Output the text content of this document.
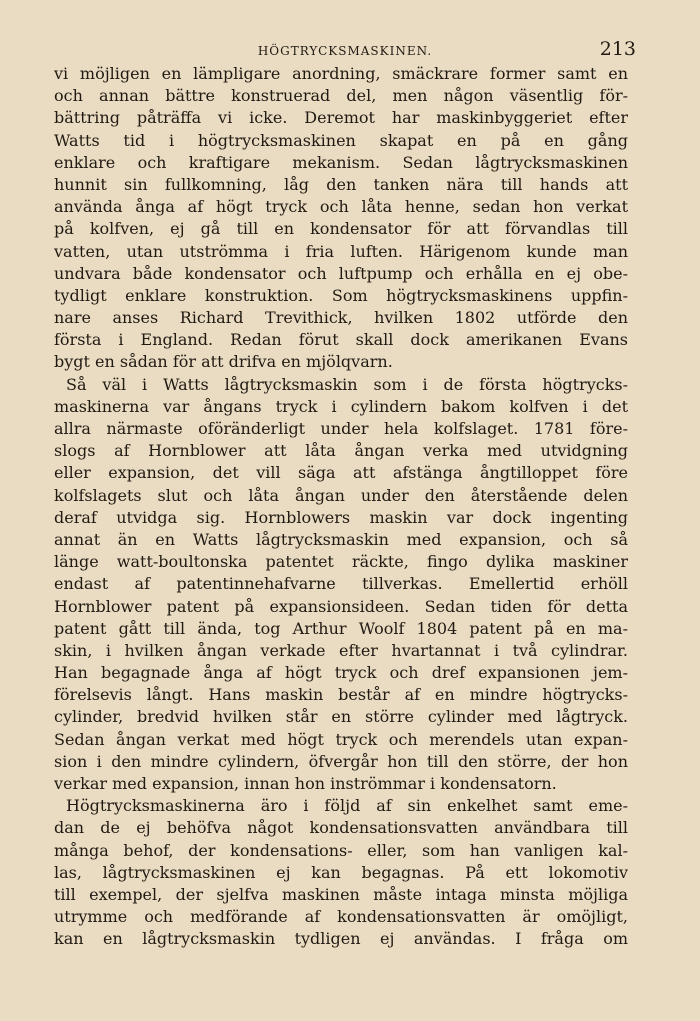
HÖGTRYCKSMASKINEN.	213
vi möjligen en lämpligare anordning, smäckrare former samt en
och annan bättre konstruerad del, men någon väsentlig för-
bättring påträffa vi icke. Deremot har maskinbyggeriet efter
Watts tid i högtrycksmaskinen skapat en på en gång
enklare och kraftigare mekanism. Sedan lågtrycksmaskinen
hunnit sin fullkomning, låg den tanken nära till hands att
använda ånga af högt tryck och låta henne, sedan hon verkat
på kolfven, ej gå till en kondensator för att förvandlas till
vatten, utan utströmma i fria luften. Härigenom kunde man
undvara både kondensator och luftpump och erhålla en ej obe-
tydligt enklare konstruktion. Som högtrycksmaskinens uppfin-
nare anses Richard Trevithick, hvilken 1802 utförde den
första i England. Redan förut skall dock amerikanen Evans
bygt en sådan för att drifva en mjölqvarn.
Så väl i Watts lågtrycksmaskin som i de första högtrycks-
maskinerna var ångans tryck i cylindern bakom kolfven i det
allra närmaste oföränderligt under hela kolfslaget. 1781 före-
slogs af Hornblower att låta ångan verka med utvidgning
eller expansion, det vill säga att afstänga ångtilloppet före
kolfslagets slut och låta ångan under den återstående delen
deraf utvidga sig. Hornblowers maskin var dock ingenting
annat än en Watts lågtrycksmaskin med expansion, och så
länge watt-boultonska patentet räckte, fingo dylika maskiner
endast af patentinnehafvarne tillverkas. Emellertid erhöll
Hornblower patent på expansionsideen. Sedan tiden för detta
patent gått till ända, tog Arthur Woolf 1804 patent på en ma-
skin, i hvilken ångan verkade efter hvartannat i två cylindrar.
Han begagnade ånga af högt tryck och dref expansionen jem-
förelsevis långt. Hans maskin består af en mindre högtrycks-
cylinder, bredvid hvilken står en större cylinder med lågtryck.
Sedan ångan verkat med högt tryck och merendels utan expan-
sion i den mindre cylindern, öfvergår hon till den större, der hon
verkar med expansion, innan hon inströmmar i kondensatorn.
Högtrycksmaskinerna äro i följd af sin enkelhet samt eme-
dan de ej behöfva något kondensationsvatten användbara till
många behof, der kondensations- eller, som han vanligen kal-
las, lågtrycksmaskinen ej kan begagnas. På ett lokomotiv
till exempel, der sjelfva maskinen måste intaga minsta möjliga
utrymme och medförande af kondensationsvatten är omöjligt,
kan en lågtrycksmaskin tydligen ej användas. I fråga om
